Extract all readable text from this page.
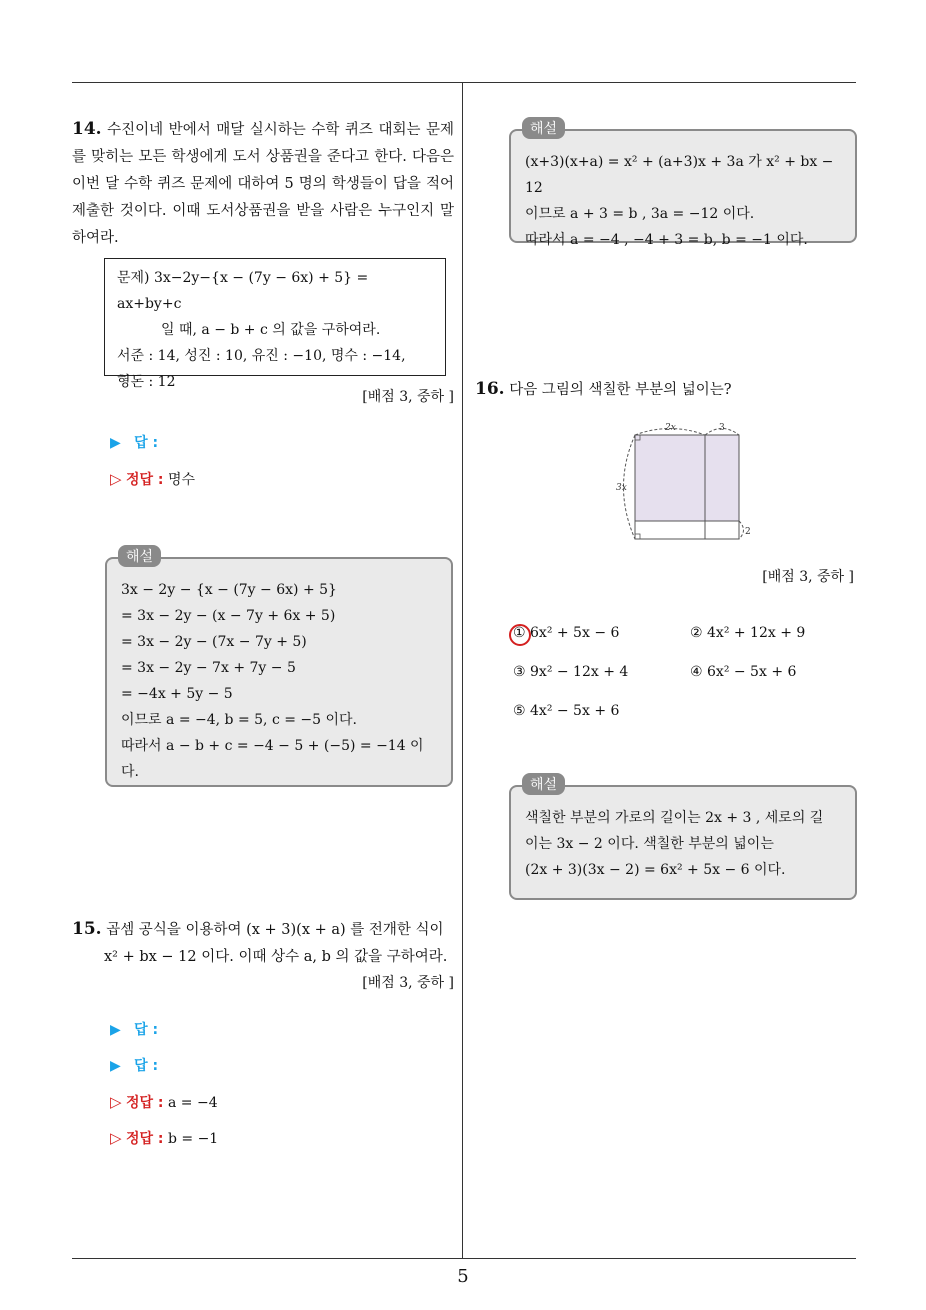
14. 수진이네 반에서 매달 실시하는 수학 퀴즈 대회는 문제를 맞히는 모든 학생에게 도서 상품권을 준다고 한다. 다음은 이번 달 수학 퀴즈 문제에 대하여 5 명의 학생들이 답을 적어 제출한 것이다. 이때 도서상품권을 받을 사람은 누구인지 말하여라.
문제) 3x−2y−{x − (7y − 6x) + 5} = ax+by+c
일 때, a − b + c 의 값을 구하여라.
서준 : 14, 성진 : 10, 유진 : −10, 명수 : −14,
형돈 : 12
[배점 3, 중하 ]
▶ 답 :
▷ 정답 : 명수
3x − 2y − {x − (7y − 6x) + 5}
= 3x − 2y − (x − 7y + 6x + 5)
= 3x − 2y − (7x − 7y + 5)
= 3x − 2y − 7x + 7y − 5
= −4x + 5y − 5
이므로 a = −4, b = 5, c = −5 이다.
따라서 a − b + c = −4 − 5 + (−5) = −14 이다.
해설
15. 곱셈 공식을 이용하여 (x + 3)(x + a) 를 전개한 식이
x² + bx − 12 이다. 이때 상수 a, b 의 값을 구하여라.
[배점 3, 중하 ]
▶ 답 :
▶ 답 :
▷ 정답 : a = −4
▷ 정답 : b = −1
(x+3)(x+a) = x² + (a+3)x + 3a 가 x² + bx − 12
이므로 a + 3 = b , 3a = −12 이다.
따라서 a = −4 , −4 + 3 = b, b = −1 이다.
해설
16. 다음 그림의 색칠한 부분의 넓이는?
2x	3
3x
2
[배점 3, 중하 ]
① 6x² + 5x − 6	② 4x² + 12x + 9
③ 9x² − 12x + 4	④ 6x² − 5x + 6
⑤ 4x² − 5x + 6
색칠한 부분의 가로의 길이는 2x + 3 , 세로의 길
이는 3x − 2 이다. 색칠한 부분의 넓이는
(2x + 3)(3x − 2) = 6x² + 5x − 6 이다.
해설
5
